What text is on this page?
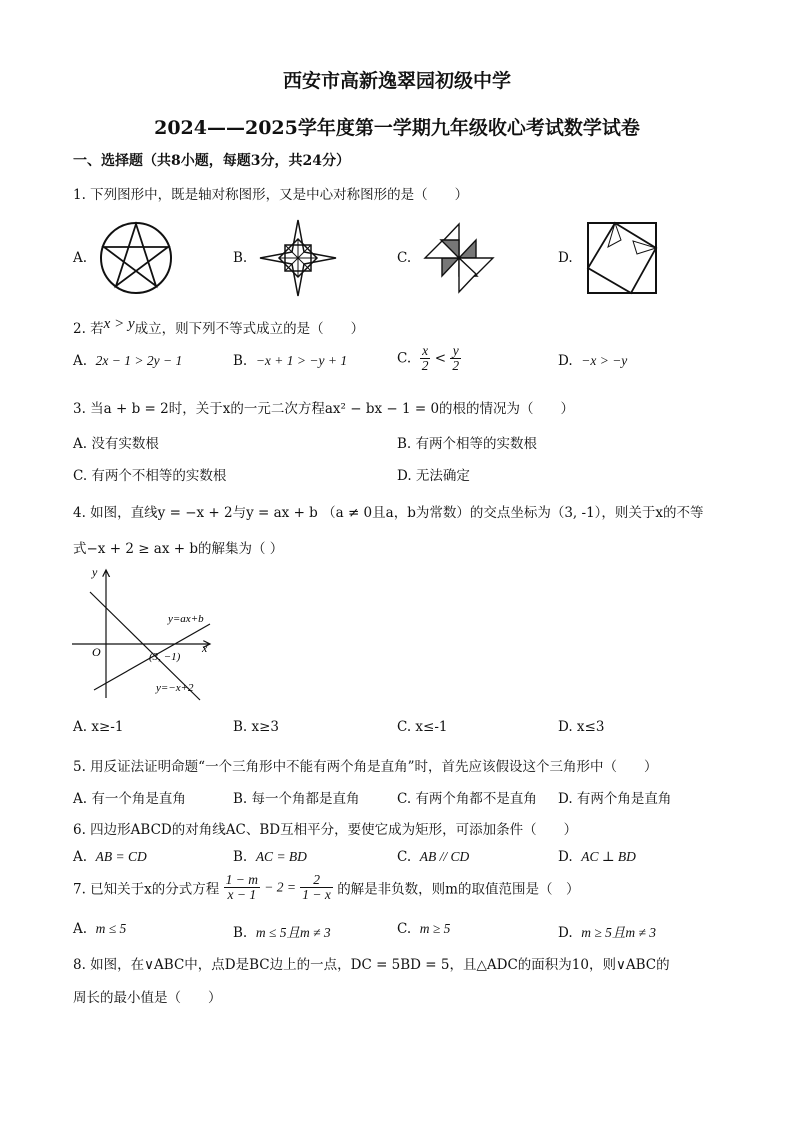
西安市高新逸翠园初级中学
2024——2025学年度第一学期九年级收心考试数学试卷
一、选择题（共8小题，每题3分，共24分）
1. 下列图形中，既是轴对称图形，又是中心对称图形的是（　　）
A.	B.	C.	D.
2. 若x > y成立，则下列不等式成立的是（　　）
A. 2x − 1 > 2y − 1	B. −x + 1 > −y + 1	C. $\frac{x}{2} < \frac{y}{2}$	D. −x > −y
3. 当a + b = 2时，关于x的一元二次方程ax² − bx − 1 = 0的根的情况为（　　）
A. 没有实数根	B. 有两个相等的实数根
C. 有两个不相等的实数根	D. 无法确定
4. 如图，直线y = −x + 2与y = ax + b （a ≠ 0且a，b为常数）的交点坐标为（3, -1），则关于x的不等
式−x + 2 ≥ ax + b的解集为（ ）
y
x
O
y=ax+b
(3, −1)
y=−x+2
A. x≥-1	B. x≥3	C. x≤-1	D. x≤3
5. 用反证法证明命题“一个三角形中不能有两个角是直角”时，首先应该假设这个三角形中（　　）
A. 有一个角是直角	B. 每一个角都是直角	C. 有两个角都不是直角 D. 有两个角是直角
6. 四边形ABCD的对角线AC、BD互相平分，要使它成为矩形，可添加条件（　　）
A. AB = CD	B. AC = BD	C. AB // CD	D. AC ⊥ BD
7. 已知关于x的分式方程 $\frac{1 - m}{x - 1} - 2 = \frac{2}{1 - x}$ 的解是非负数，则m的取值范围是（　）
A. m ≤ 5	B. m ≤ 5且m ≠ 3	C. m ≥ 5	D. m ≥ 5且m ≠ 3
8. 如图，在∨ABC中，点D是BC边上的一点，DC = 5BD = 5，且△ADC的面积为10，则∨ABC的
周长的最小值是（　　）
